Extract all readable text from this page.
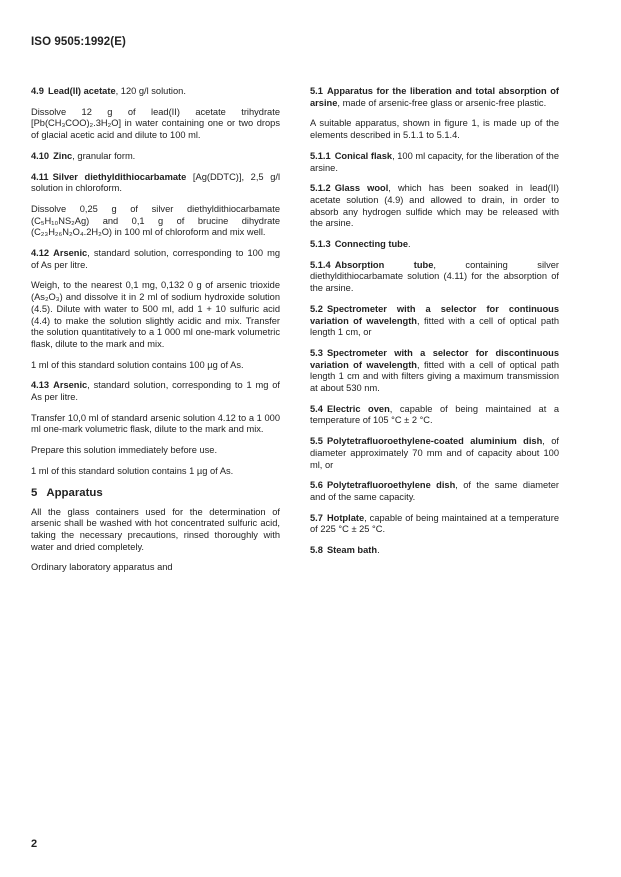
ISO 9505:1992(E)

4.9 Lead(II) acetate, 120 g/l solution.

Dissolve 12 g of lead(II) acetate trihydrate [Pb(CH₃COO)₂.3H₂O] in water containing one or two drops of glacial acetic acid and dilute to 100 ml.

4.10 Zinc, granular form.

4.11 Silver diethyldithiocarbamate [Ag(DDTC)], 2,5 g/l solution in chloroform.

Dissolve 0,25 g of silver diethyldithiocarbamate (C₅H₁₀NS₂Ag) and 0,1 g of brucine dihydrate (C₂₃H₂₆N₂O₄.2H₂O) in 100 ml of chloroform and mix well.

4.12 Arsenic, standard solution, corresponding to 100 mg of As per litre.

Weigh, to the nearest 0,1 mg, 0,132 0 g of arsenic trioxide (As₂O₃) and dissolve it in 2 ml of sodium hydroxide solution (4.5). Dilute with water to 500 ml, add 1 + 10 sulfuric acid (4.4) to make the solution slightly acidic and mix. Transfer the solution quantitatively to a 1 000 ml one-mark volumetric flask, dilute to the mark and mix.

1 ml of this standard solution contains 100 µg of As.

4.13 Arsenic, standard solution, corresponding to 1 mg of As per litre.

Transfer 10,0 ml of standard arsenic solution 4.12 to a 1 000 ml one-mark volumetric flask, dilute to the mark and mix.

Prepare this solution immediately before use.

1 ml of this standard solution contains 1 µg of As.

5 Apparatus

All the glass containers used for the determination of arsenic shall be washed with hot concentrated sulfuric acid, taking the necessary precautions, rinsed thoroughly with water and dried completely.

Ordinary laboratory apparatus and

5.1 Apparatus for the liberation and total absorption of arsine, made of arsenic-free glass or arsenic-free plastic.

A suitable apparatus, shown in figure 1, is made up of the elements described in 5.1.1 to 5.1.4.

5.1.1 Conical flask, 100 ml capacity, for the liberation of the arsine.

5.1.2 Glass wool, which has been soaked in lead(II) acetate solution (4.9) and allowed to drain, in order to absorb any hydrogen sulfide which may be released with the arsine.

5.1.3 Connecting tube.

5.1.4 Absorption tube, containing silver diethyldithiocarbamate solution (4.11) for the absorption of the arsine.

5.2 Spectrometer with a selector for continuous variation of wavelength, fitted with a cell of optical path length 1 cm, or

5.3 Spectrometer with a selector for discontinuous variation of wavelength, fitted with a cell of optical path length 1 cm and with filters giving a maximum transmission at about 530 nm.

5.4 Electric oven, capable of being maintained at a temperature of 105 °C ± 2 °C.

5.5 Polytetrafluoroethylene-coated aluminium dish, of diameter approximately 70 mm and of capacity about 100 ml, or

5.6 Polytetrafluoroethylene dish, of the same diameter and of the same capacity.

5.7 Hotplate, capable of being maintained at a temperature of 225 °C ± 25 °C.

5.8 Steam bath.

2
